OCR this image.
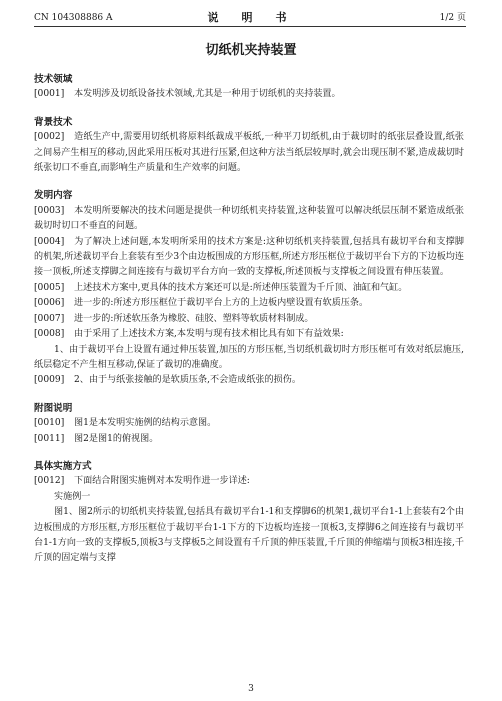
CN 104308886 A	说　明　书	1/2 页
切纸机夹持装置
技术领域
[0001] 本发明涉及切纸设备技术领域,尤其是一种用于切纸机的夹持装置。
背景技术
[0002] 造纸生产中,需要用切纸机将原料纸裁成平板纸,一种平刀切纸机,由于裁切时的纸张层叠设置,纸张之间易产生相互的移动,因此采用压板对其进行压紧,但这种方法当纸层较厚时,就会出现压制不紧,造成裁切时纸张切口不垂直,而影响生产质量和生产效率的问题。
发明内容
[0003] 本发明所要解决的技术问题是提供一种切纸机夹持装置,这种装置可以解决纸层压制不紧造成纸张裁切时切口不垂直的问题。
[0004] 为了解决上述问题,本发明所采用的技术方案是:这种切纸机夹持装置,包括具有裁切平台和支撑脚的机架,所述裁切平台上套装有至少3个由边板围成的方形压框,所述方形压框位于裁切平台下方的下边板均连接一顶板,所述支撑脚之间连接有与裁切平台方向一致的支撑板,所述顶板与支撑板之间设置有伸压装置。
[0005] 上述技术方案中,更具体的技术方案还可以是:所述伸压装置为千斤顶、油缸和气缸。
[0006] 进一步的:所述方形压框位于裁切平台上方的上边板内壁设置有软质压条。
[0007] 进一步的:所述软压条为橡胶、硅胶、塑料等软质材料制成。
[0008] 由于采用了上述技术方案,本发明与现有技术相比具有如下有益效果:
1、由于裁切平台上设置有通过伸压装置,加压的方形压框,当切纸机裁切时方形压框可有效对纸层施压,纸层稳定不产生相互移动,保证了裁切的准确度。
[0009] 2、由于与纸张接触的是软质压条,不会造成纸张的损伤。
附图说明
[0010] 图1是本发明实施例的结构示意图。
[0011] 图2是图1的俯视图。
具体实施方式
[0012] 下面结合附图实施例对本发明作进一步详述:
实施例一
图1、图2所示的切纸机夹持装置,包括具有裁切平台1-1和支撑脚6的机架1,裁切平台1-1上套装有2个由边板围成的方形压框,方形压框位于裁切平台1-1下方的下边板均连接一顶板3,支撑脚6之间连接有与裁切平台1-1方向一致的支撑板5,顶板3与支撑板5之间设置有千斤顶的伸压装置,千斤顶的伸缩端与顶板3相连接,千斤顶的固定端与支撑
3
